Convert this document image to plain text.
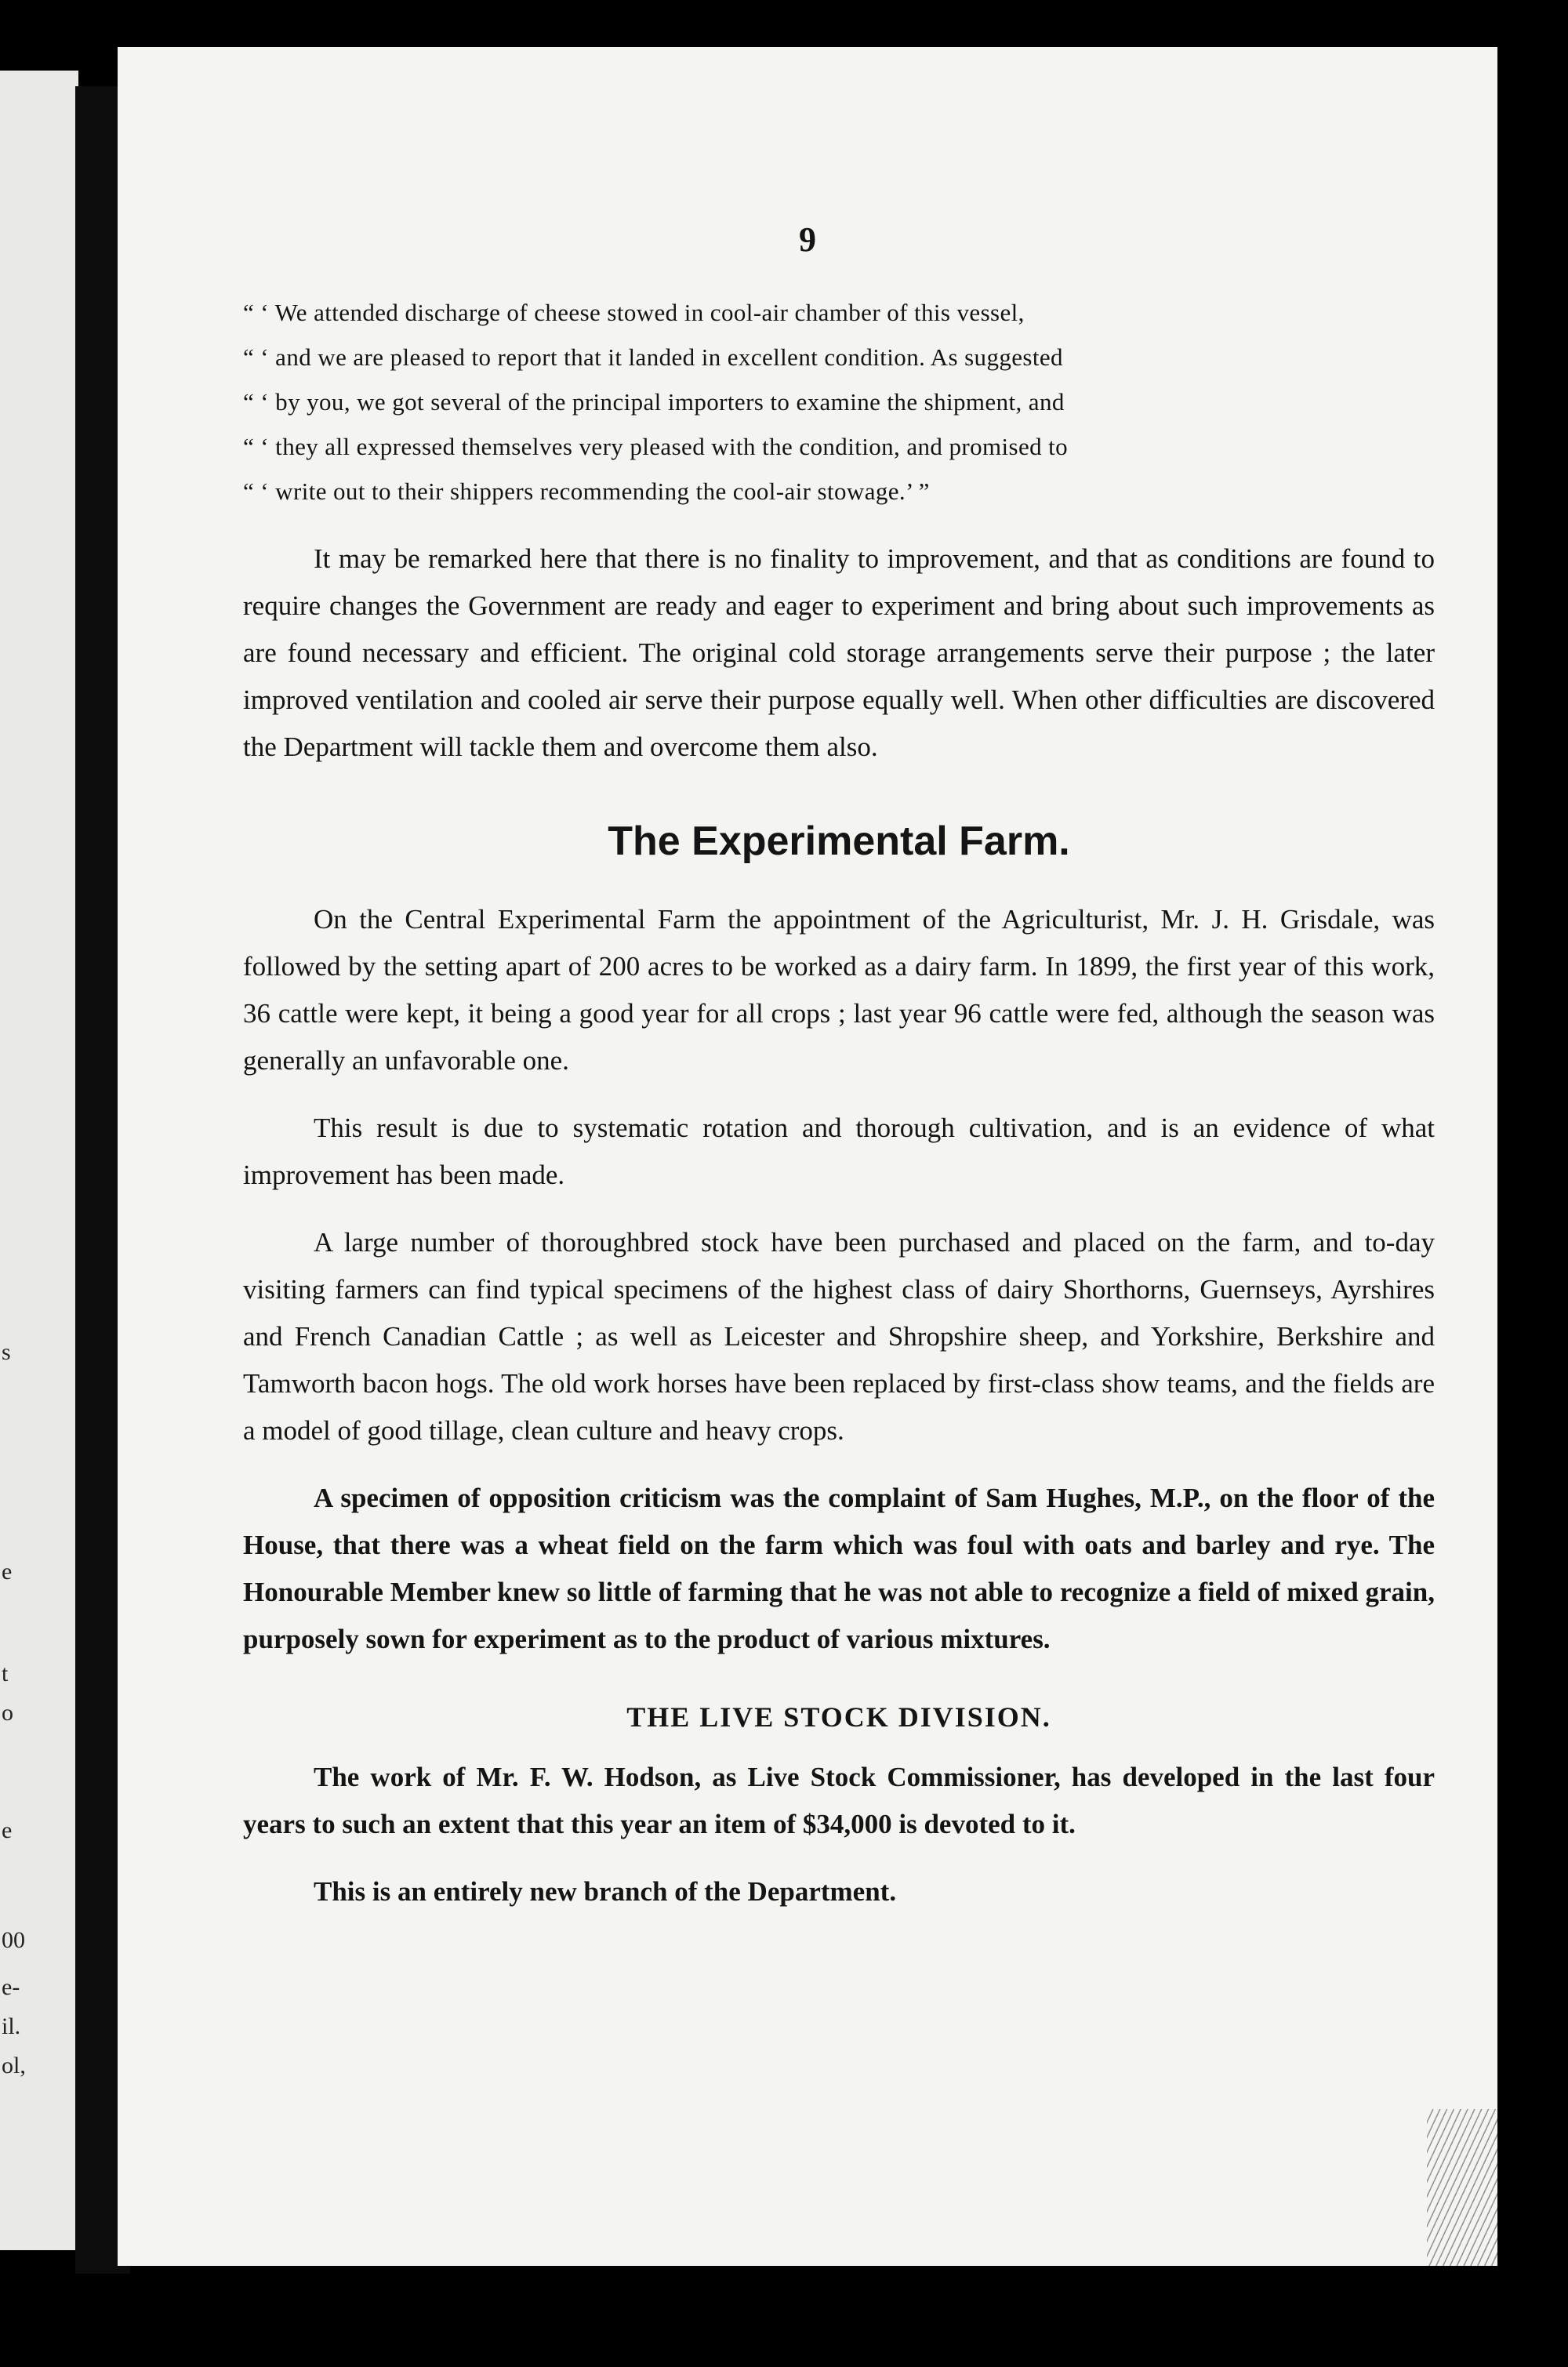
s
e
t
o
e
00
e-
il.
ol,

9

“ ‘ We attended discharge of cheese stowed in cool-air chamber of this vessel,
“ ‘ and we are pleased to report that it landed in excellent condition. As suggested
“ ‘ by you, we got several of the principal importers to examine the shipment, and
“ ‘ they all expressed themselves very pleased with the condition, and promised to
“ ‘ write out to their shippers recommending the cool-air stowage.’ ”

It may be remarked here that there is no finality to improvement, and that as conditions are found to require changes the Government are ready and eager to experiment and bring about such improvements as are found necessary and efficient. The original cold storage arrangements serve their purpose ; the later improved ventilation and cooled air serve their purpose equally well. When other difficulties are discovered the Department will tackle them and overcome them also.

The Experimental Farm.

On the Central Experimental Farm the appointment of the Agriculturist, Mr. J. H. Grisdale, was followed by the setting apart of 200 acres to be worked as a dairy farm. In 1899, the first year of this work, 36 cattle were kept, it being a good year for all crops ; last year 96 cattle were fed, although the season was generally an unfavorable one.

This result is due to systematic rotation and thorough cultivation, and is an evidence of what improvement has been made.

A large number of thoroughbred stock have been purchased and placed on the farm, and to-day visiting farmers can find typical specimens of the highest class of dairy Shorthorns, Guernseys, Ayrshires and French Canadian Cattle ; as well as Leicester and Shropshire sheep, and Yorkshire, Berkshire and Tamworth bacon hogs. The old work horses have been replaced by first-class show teams, and the fields are a model of good tillage, clean culture and heavy crops.

A specimen of opposition criticism was the complaint of Sam Hughes, M.P., on the floor of the House, that there was a wheat field on the farm which was foul with oats and barley and rye. The Honourable Member knew so little of farming that he was not able to recognize a field of mixed grain, purposely sown for experiment as to the product of various mixtures.

THE LIVE STOCK DIVISION.

The work of Mr. F. W. Hodson, as Live Stock Commissioner, has developed in the last four years to such an extent that this year an item of $34,000 is devoted to it.

This is an entirely new branch of the Department.
